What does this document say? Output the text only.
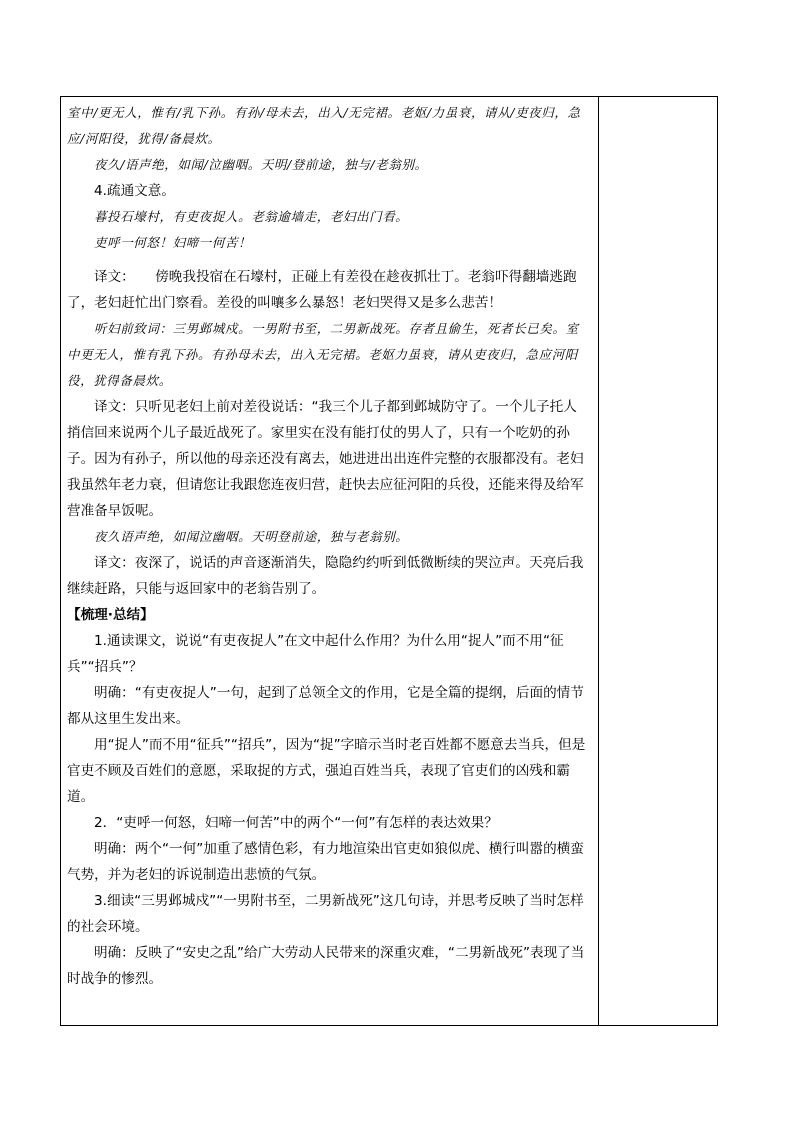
室中/更无人，惟有/乳下孙。有孙/母未去，出入/无完裙。老妪/力虽衰，请从/吏夜归，急应/河阳役，犹得/备晨炊。

夜久/语声绝，如闻/泣幽咽。天明/登前途，独与/老翁别。

4.疏通文意。

暮投石壕村，有吏夜捉人。老翁逾墙走，老妇出门看。

吏呼一何怒！妇啼一何苦！

译文：　　傍晚我投宿在石壕村，正碰上有差役在趁夜抓壮丁。老翁吓得翻墙逃跑了，老妇赶忙出门察看。差役的叫嚷多么暴怒！老妇哭得又是多么悲苦！

听妇前致词：三男邺城戍。一男附书至，二男新战死。存者且偷生，死者长已矣。室中更无人，惟有乳下孙。有孙母未去，出入无完裙。老妪力虽衰，请从吏夜归，急应河阳役，犹得备晨炊。

译文：只听见老妇上前对差役说话：“我三个儿子都到邺城防守了。一个儿子托人捎信回来说两个儿子最近战死了。家里实在没有能打仗的男人了，只有一个吃奶的孙子。因为有孙子，所以他的母亲还没有离去，她进进出出连件完整的衣服都没有。老妇我虽然年老力衰，但请您让我跟您连夜归营，赶快去应征河阳的兵役，还能来得及给军营准备早饭呢。

夜久语声绝，如闻泣幽咽。天明登前途，独与老翁别。

译文：夜深了，说话的声音逐渐消失，隐隐约约听到低微断续的哭泣声。天亮后我继续赶路，只能与返回家中的老翁告别了。

【梳理·总结】

1.通读课文，说说“有吏夜捉人”在文中起什么作用？为什么用“捉人”而不用“征兵”“招兵”？

明确：“有吏夜捉人”一句，起到了总领全文的作用，它是全篇的提纲，后面的情节都从这里生发出来。

用“捉人”而不用“征兵”“招兵”，因为“捉”字暗示当时老百姓都不愿意去当兵，但是官吏不顾及百姓们的意愿，采取捉的方式，强迫百姓当兵，表现了官吏们的凶残和霸道。

2．“吏呼一何怒，妇啼一何苦”中的两个“一何”有怎样的表达效果？

明确：两个“一何”加重了感情色彩，有力地渲染出官吏如狼似虎、横行叫嚣的横蛮气势，并为老妇的诉说制造出悲愤的气氛。

3.细读“三男邺城戍”“一男附书至，二男新战死”这几句诗，并思考反映了当时怎样的社会环境。

明确：反映了“安史之乱”给广大劳动人民带来的深重灾难，“二男新战死”表现了当时战争的惨烈。
